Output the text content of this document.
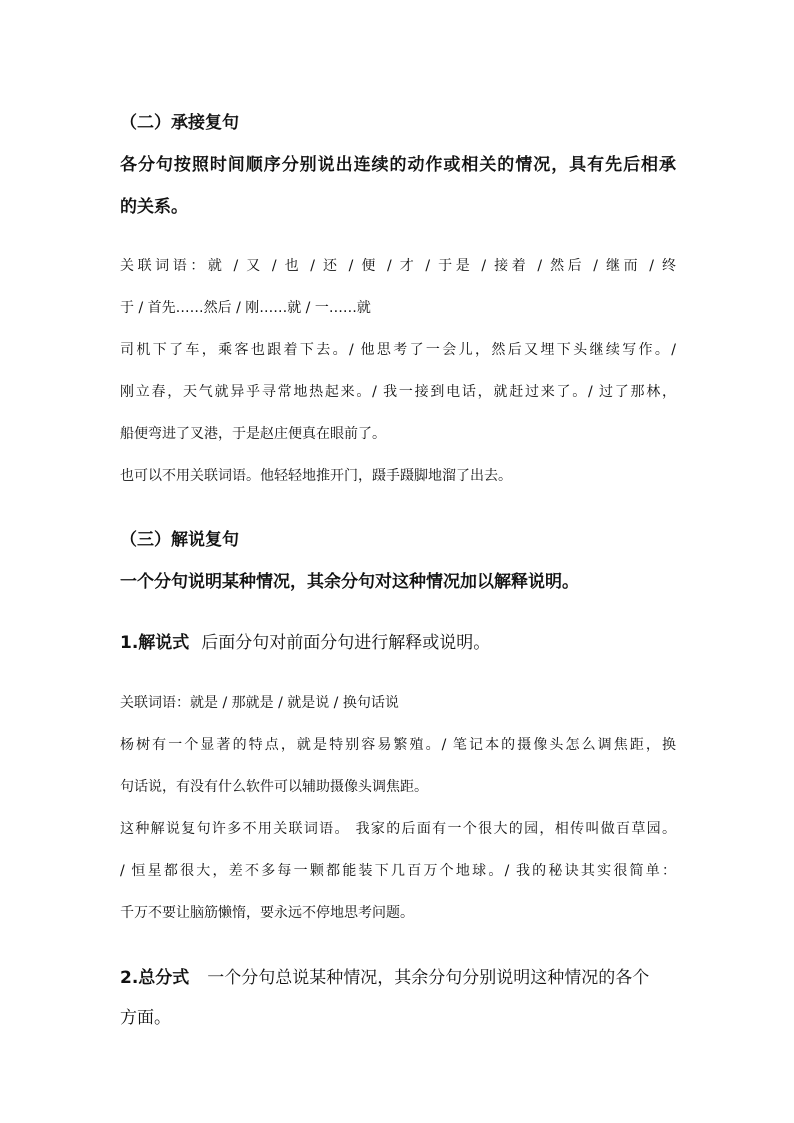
（二）承接复句
各分句按照时间顺序分别说出连续的动作或相关的情况，具有先后相承
的关系。
关联词语：就 / 又 / 也 / 还 / 便 / 才 / 于是 / 接着 / 然后 / 继而 / 终
于 / 首先……然后 / 刚……就 / 一……就
司机下了车，乘客也跟着下去。/ 他思考了一会儿，然后又埋下头继续写作。/
刚立春，天气就异乎寻常地热起来。/ 我一接到电话，就赶过来了。/ 过了那林，
船便弯进了叉港，于是赵庄便真在眼前了。
也可以不用关联词语。他轻轻地推开门，蹑手蹑脚地溜了出去。
（三）解说复句
一个分句说明某种情况，其余分句对这种情况加以解释说明。
1.解说式 后面分句对前面分句进行解释或说明。
关联词语：就是 / 那就是 / 就是说 / 换句话说
杨树有一个显著的特点，就是特别容易繁殖。/ 笔记本的摄像头怎么调焦距，换
句话说，有没有什么软件可以辅助摄像头调焦距。
这种解说复句许多不用关联词语。 我家的后面有一个很大的园，相传叫做百草园。
/ 恒星都很大，差不多每一颗都能装下几百万个地球。/ 我的秘诀其实很简单：
千万不要让脑筋懒惰，要永远不停地思考问题。
2.总分式 一个分句总说某种情况，其余分句分别说明这种情况的各个
方面。
